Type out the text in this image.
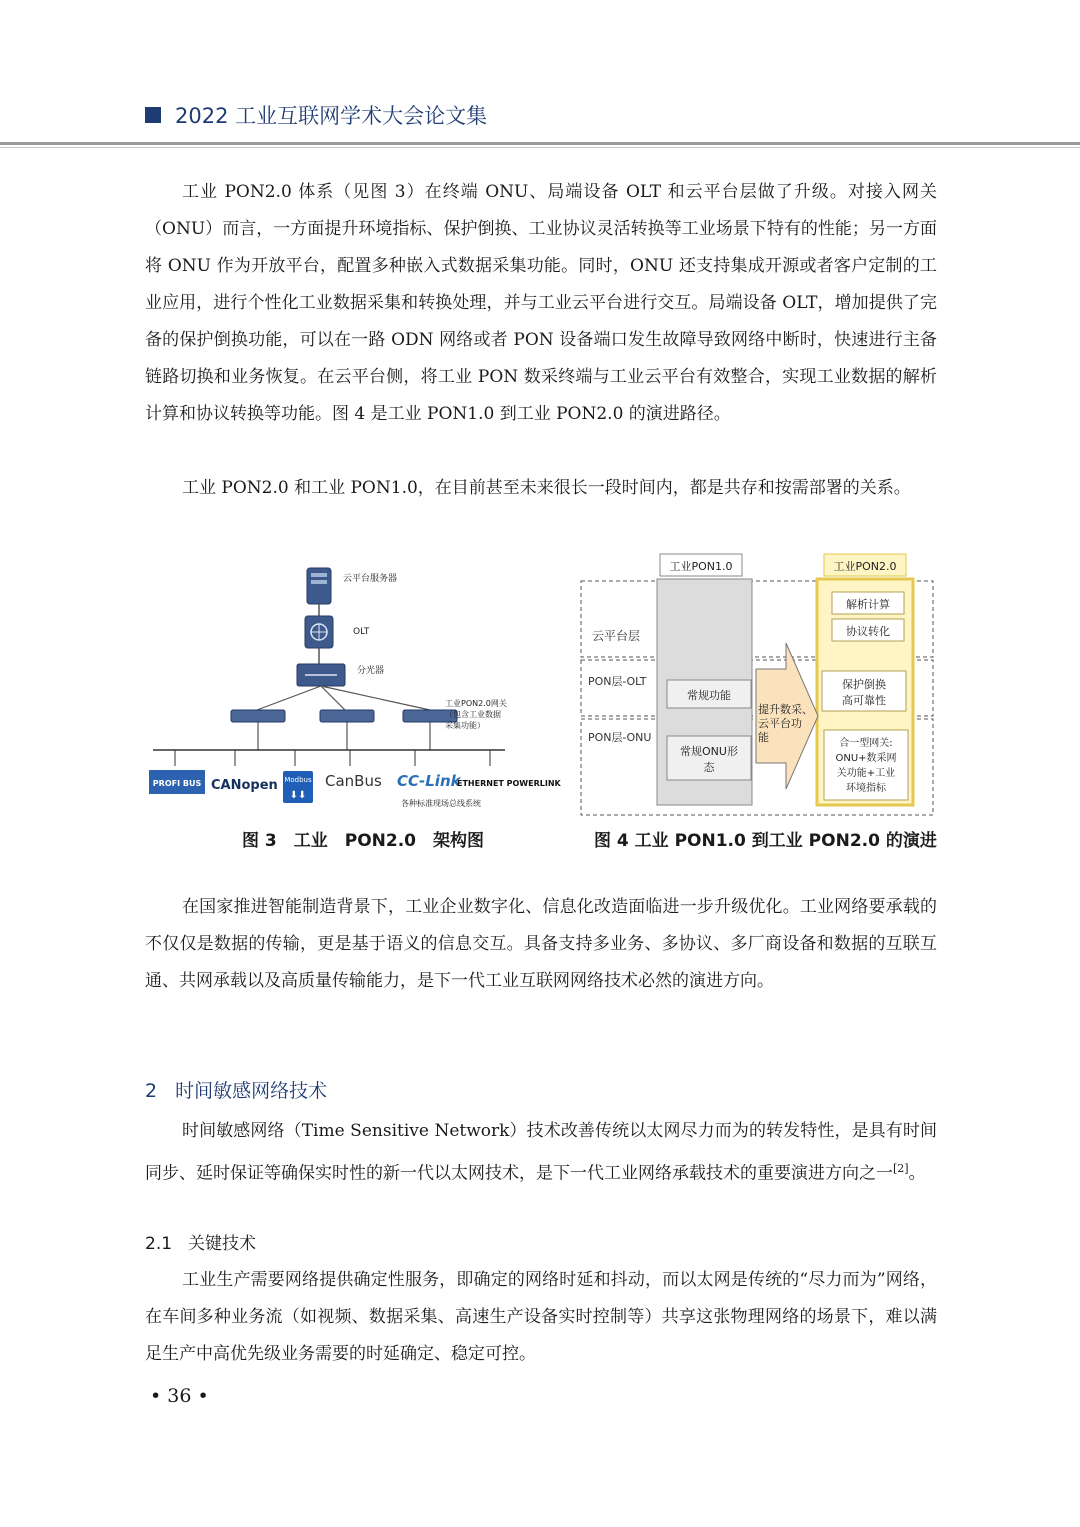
2022 工业互联网学术大会论文集

工业 PON2.0 体系（见图 3）在终端 ONU、局端设备 OLT 和云平台层做了升级。对接入网关（ONU）而言，一方面提升环境指标、保护倒换、工业协议灵活转换等工业场景下特有的性能；另一方面将 ONU 作为开放平台，配置多种嵌入式数据采集功能。同时，ONU 还支持集成开源或者客户定制的工业应用，进行个性化工业数据采集和转换处理，并与工业云平台进行交互。局端设备 OLT，增加提供了完备的保护倒换功能，可以在一路 ODN 网络或者 PON 设备端口发生故障导致网络中断时，快速进行主备链路切换和业务恢复。在云平台侧，将工业 PON 数采终端与工业云平台有效整合，实现工业数据的解析计算和协议转换等功能。图 4 是工业 PON1.0 到工业 PON2.0 的演进路径。

工业 PON2.0 和工业 PON1.0，在目前甚至未来很长一段时间内，都是共存和按需部署的关系。

云平台服务器
OLT
分光器
工业PON2.0网关
（包含工业数据
采集功能）
PROFI BUS CANopen Modbus
⬇⬇
CanBus CC-Link
ETHERNET POWERLINK
各种标准现场总线系统
图 3　工业　PON2.0　架构图
工业PON1.0	工业PON2.0
云平台层
PON层-OLT
PON层-ONU
常规功能
常规ONU形
态
提升数采、
云平台功
能
解析计算
协议转化
保护倒换
高可靠性
合一型网关:
ONU+数采网
关功能+工业
环境指标
图 4 工业 PON1.0 到工业 PON2.0 的演进

在国家推进智能制造背景下，工业企业数字化、信息化改造面临进一步升级优化。工业网络要承载的不仅仅是数据的传输，更是基于语义的信息交互。具备支持多业务、多协议、多厂商设备和数据的互联互通、共网承载以及高质量传输能力，是下一代工业互联网网络技术必然的演进方向。

2 时间敏感网络技术

时间敏感网络（Time Sensitive Network）技术改善传统以太网尽力而为的转发特性，是具有时间同步、延时保证等确保实时性的新一代以太网技术，是下一代工业网络承载技术的重要演进方向之一[2]。

2.1 关键技术

工业生产需要网络提供确定性服务，即确定的网络时延和抖动，而以太网是传统的“尽力而为”网络，在车间多种业务流（如视频、数据采集、高速生产设备实时控制等）共享这张物理网络的场景下，难以满足生产中高优先级业务需要的时延确定、稳定可控。

• 36 •
